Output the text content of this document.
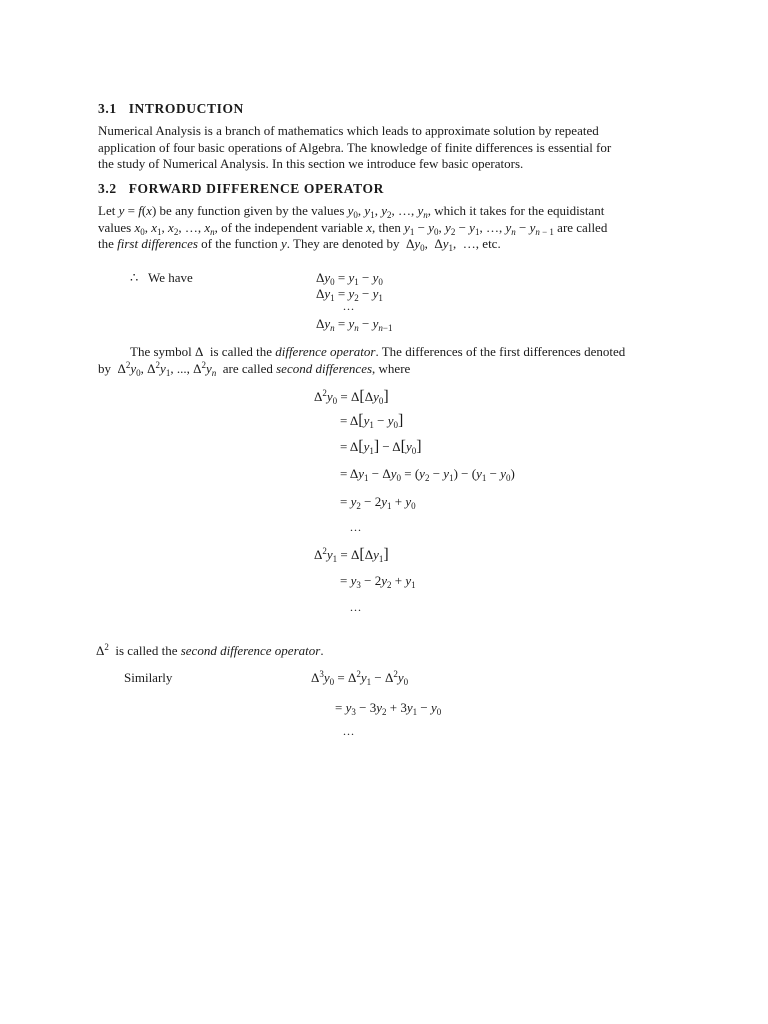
3.1 INTRODUCTION
Numerical Analysis is a branch of mathematics which leads to approximate solution by repeated
application of four basic operations of Algebra. The knowledge of finite differences is essential for
the study of Numerical Analysis. In this section we introduce few basic operators.
3.2 FORWARD DIFFERENCE OPERATOR
Let y = f(x) be any function given by the values $y_0$, $y_1$, $y_2$, …, $y_n$, which it takes for the equidistant
values $x_0$, $x_1$, $x_2$, …, $x_n$, of the independent variable x, then $y_1 - y_0$, $y_2 - y_1$, …, $y_n - y_{n - 1}$ are called
the first differences of the function y. They are denoted by  $\Delta y_0$,  $\Delta y_1$,  …, etc.
∴ We have	$\Delta y_0 = y_1 - y_0$
$\Delta y_1 = y_2 - y_1$
...
$\Delta y_n = y_n - y_{n-1}$
The symbol Δ  is called the difference operator. The differences of the first differences denoted
by  $\Delta^2y_0$, $\Delta^2y_1$, ..., $\Delta^2y_n$ are called second differences, where
$\Delta^2y_0 = \Delta[\Delta y_0]$
= $\Delta[y_1 - y_0]$
= $\Delta[y_1] - \Delta[y_0]$
= $\Delta y_1 - \Delta y_0 = (y_2 - y_1) - (y_1 - y_0)$
= $y_2 - 2y_1 + y_0$
...
$\Delta^2y_1 = \Delta[\Delta y_1]$
= $y_3 - 2y_2 + y_1$
...
$\Delta^2$ is called the second difference operator.
Similarly	$\Delta^3y_0 = \Delta^2y_1 - \Delta^2y_0$
= $y_3 - 3y_2 + 3y_1 - y_0$
...
